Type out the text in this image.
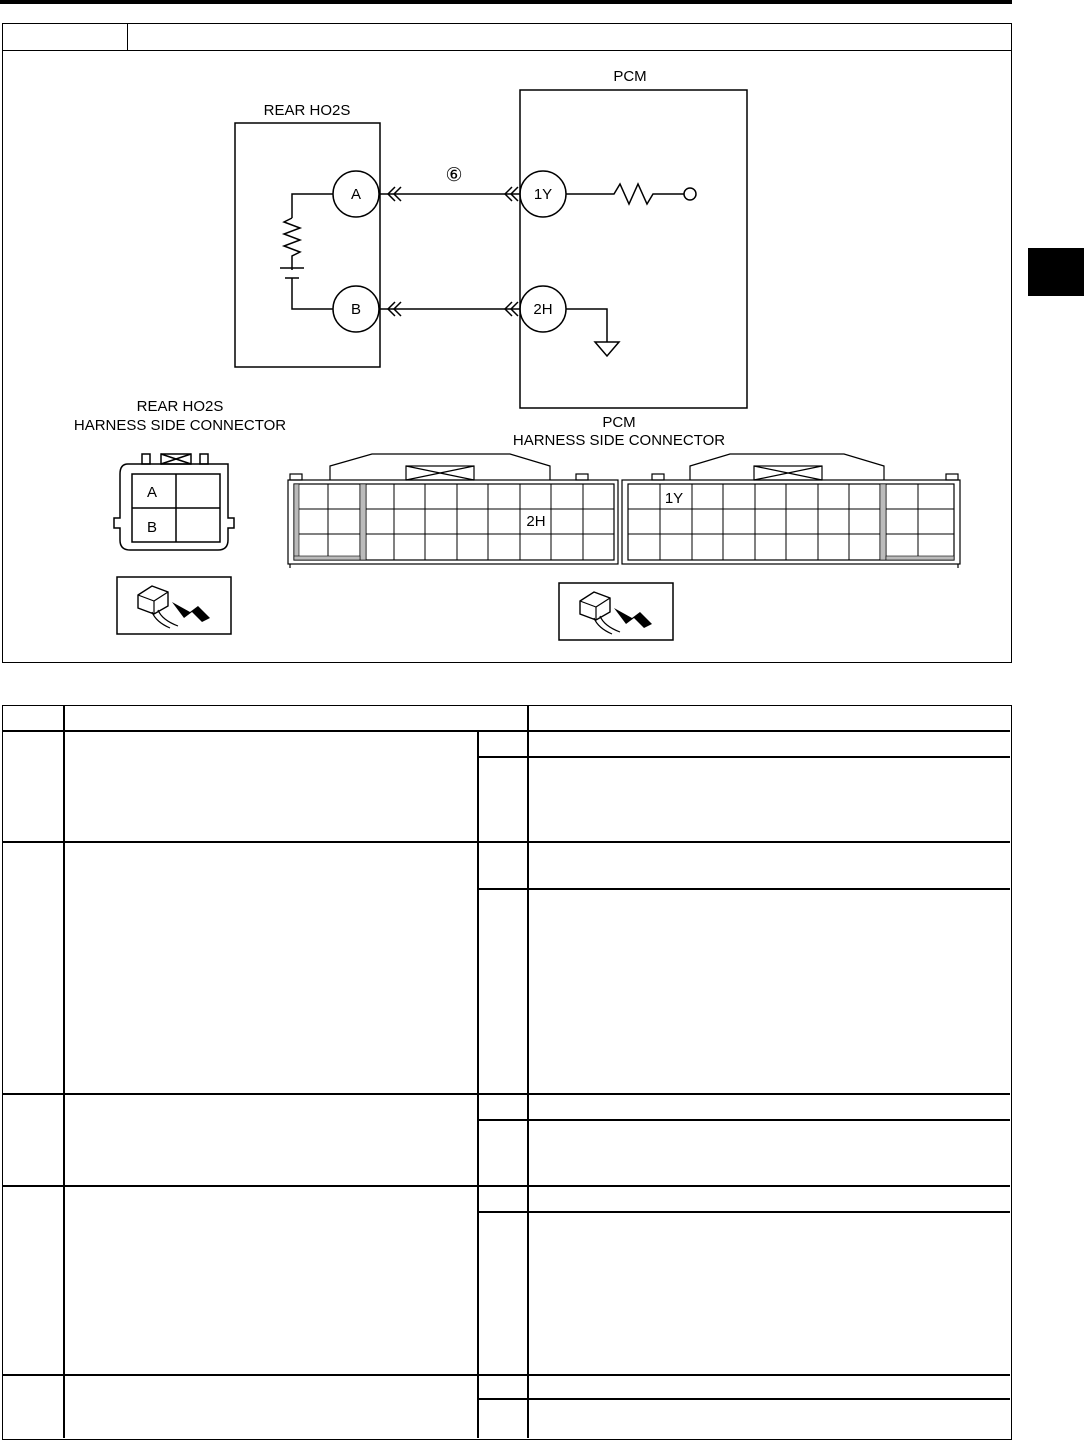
PCM
REAR HO2S
⑥
A
B
1Y
2H
REAR HO2S
HARNESS SIDE CONNECTOR	PCM
HARNESS SIDE CONNECTOR
A
B
1Y
2H
